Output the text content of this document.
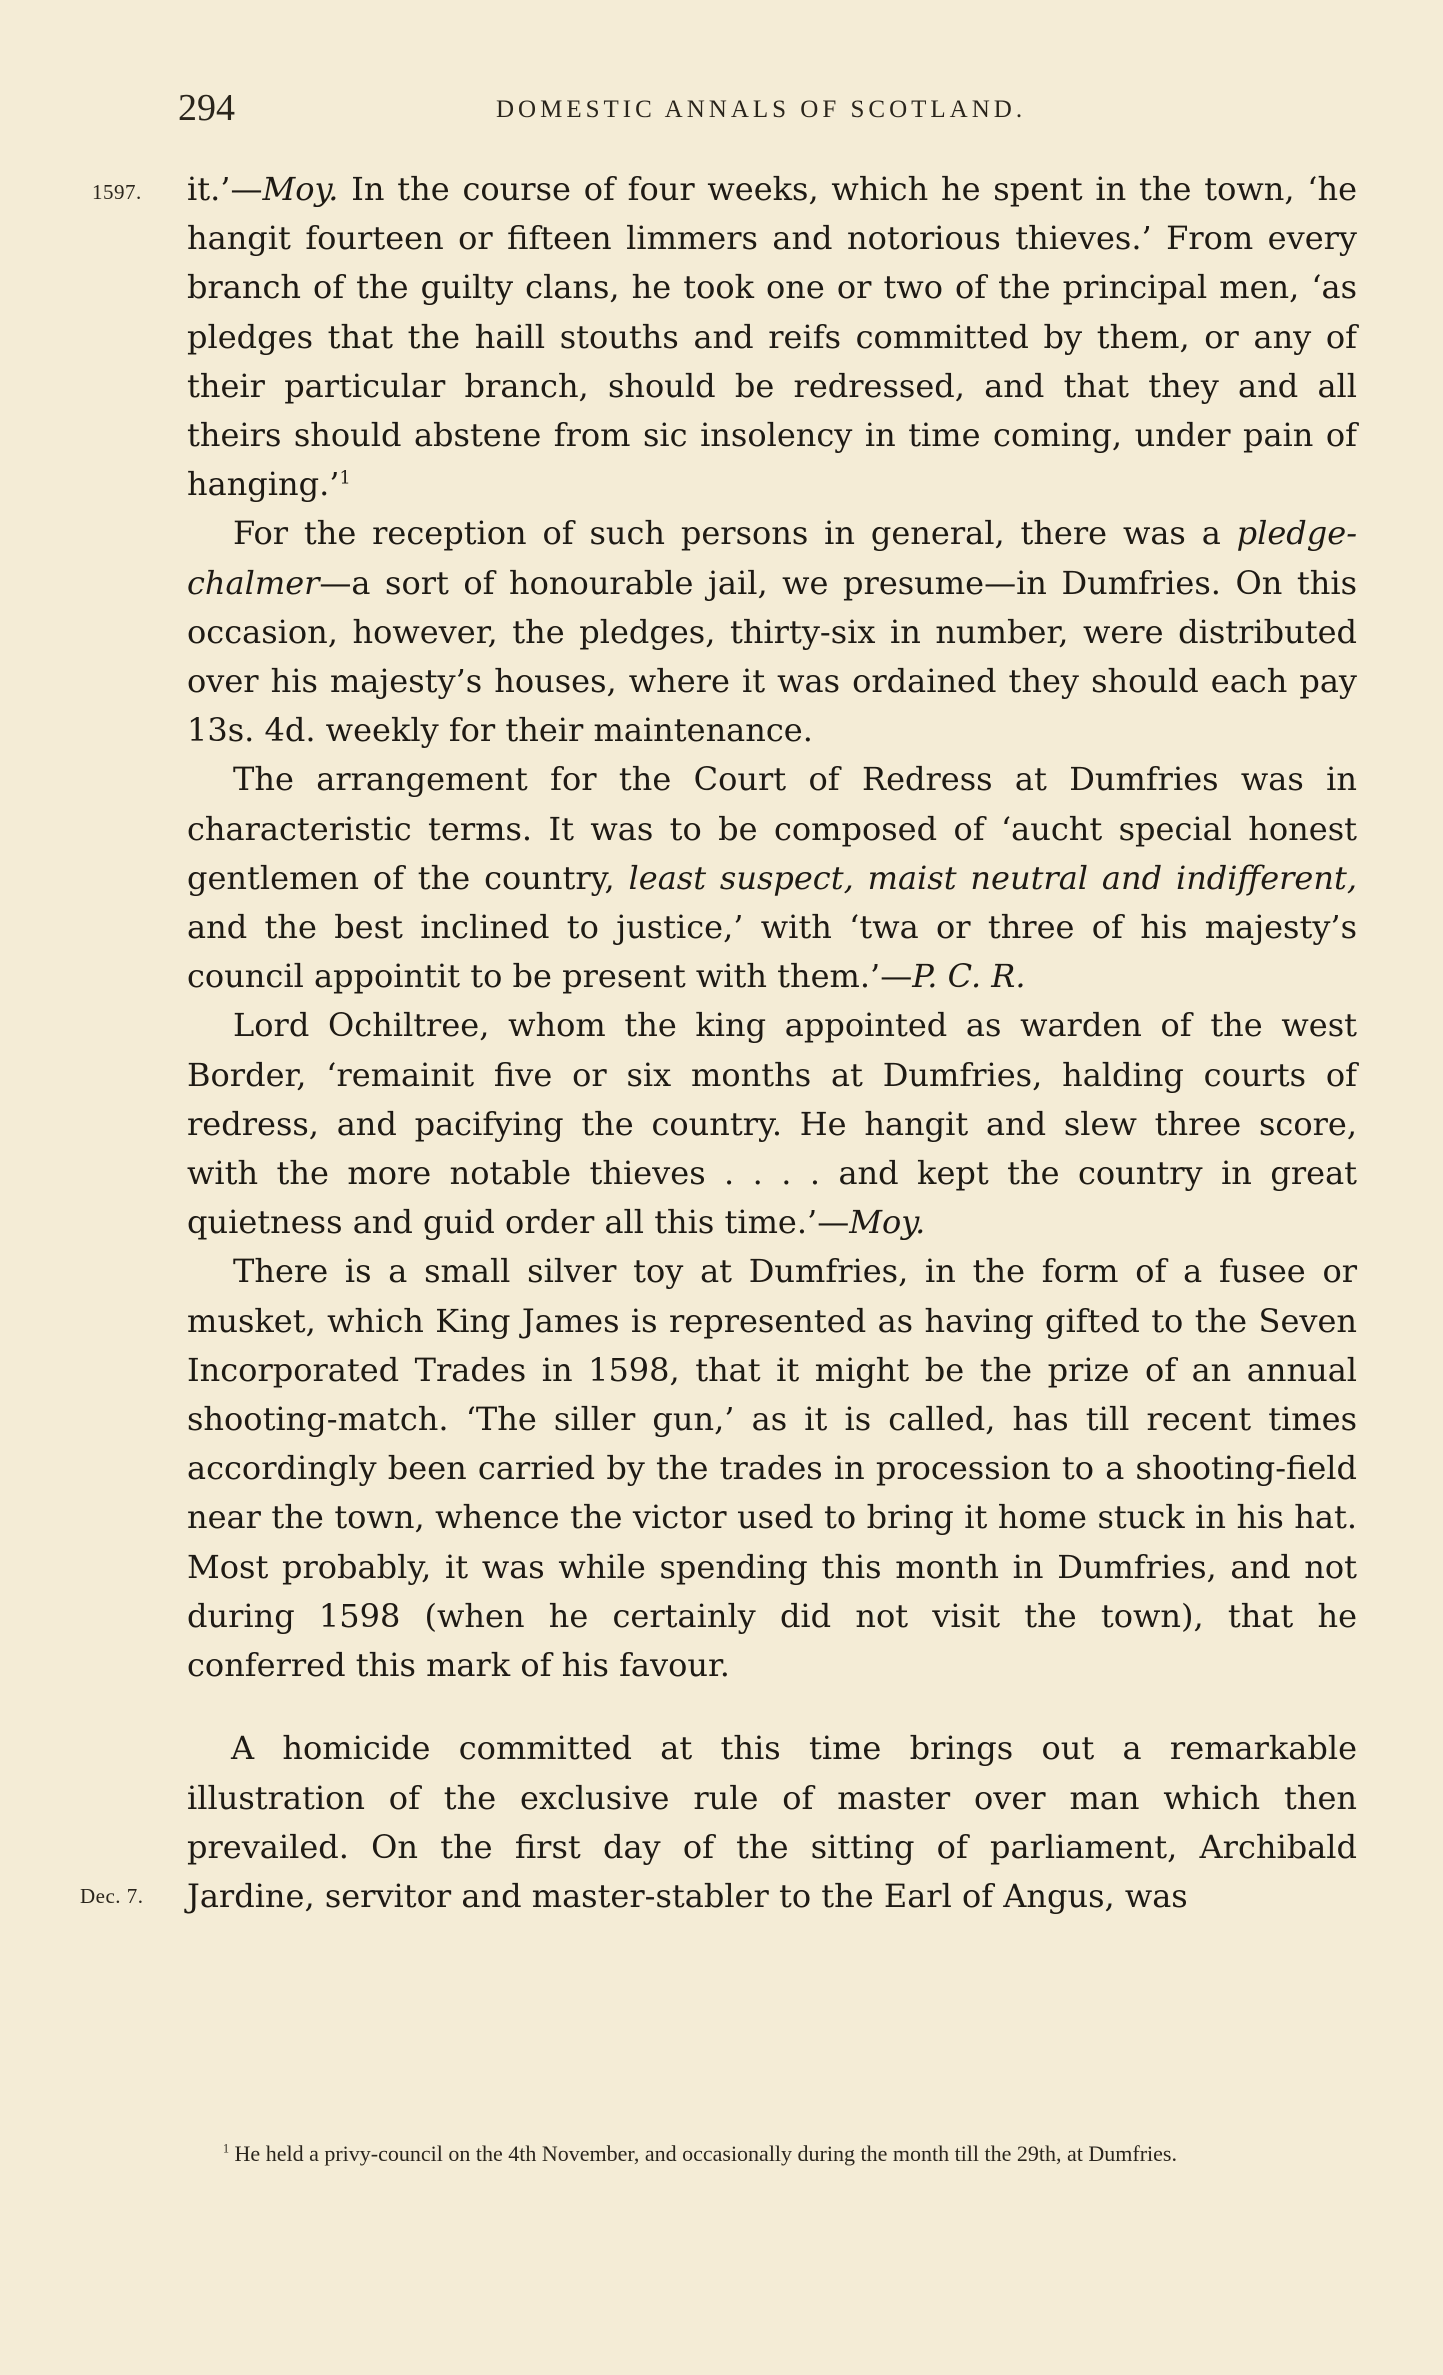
294	DOMESTIC ANNALS OF SCOTLAND.
1597.
Dec. 7.

it.’—Moy. In the course of four weeks, which he spent in the town, ‘he hangit fourteen or fifteen limmers and notorious thieves.’ From every branch of the guilty clans, he took one or two of the principal men, ‘as pledges that the haill stouths and reifs committed by them, or any of their particular branch, should be redressed, and that they and all theirs should abstene from sic insolency in time coming, under pain of hanging.’$^1$

For the reception of such persons in general, there was a pledge-chalmer—a sort of honourable jail, we presume—in Dumfries. On this occasion, however, the pledges, thirty-six in number, were distributed over his majesty’s houses, where it was ordained they should each pay 13s. 4d. weekly for their maintenance.

The arrangement for the Court of Redress at Dumfries was in characteristic terms. It was to be composed of ‘aucht special honest gentlemen of the country, least suspect, maist neutral and indifferent, and the best inclined to justice,’ with ‘twa or three of his majesty’s council appointit to be present with them.’—P. C. R.

Lord Ochiltree, whom the king appointed as warden of the west Border, ‘remainit five or six months at Dumfries, halding courts of redress, and pacifying the country. He hangit and slew three score, with the more notable thieves . . . . and kept the country in great quietness and guid order all this time.’—Moy.

There is a small silver toy at Dumfries, in the form of a fusee or musket, which King James is represented as having gifted to the Seven Incorporated Trades in 1598, that it might be the prize of an annual shooting-match. ‘The siller gun,’ as it is called, has till recent times accordingly been carried by the trades in procession to a shooting-field near the town, whence the victor used to bring it home stuck in his hat. Most probably, it was while spending this month in Dumfries, and not during 1598 (when he certainly did not visit the town), that he conferred this mark of his favour.

A homicide committed at this time brings out a remarkable illustration of the exclusive rule of master over man which then prevailed. On the first day of the sitting of parliament, Archibald Jardine, servitor and master-stabler to the Earl of Angus, was

$^1$ He held a privy-council on the 4th November, and occasionally during the month till the 29th, at Dumfries.
